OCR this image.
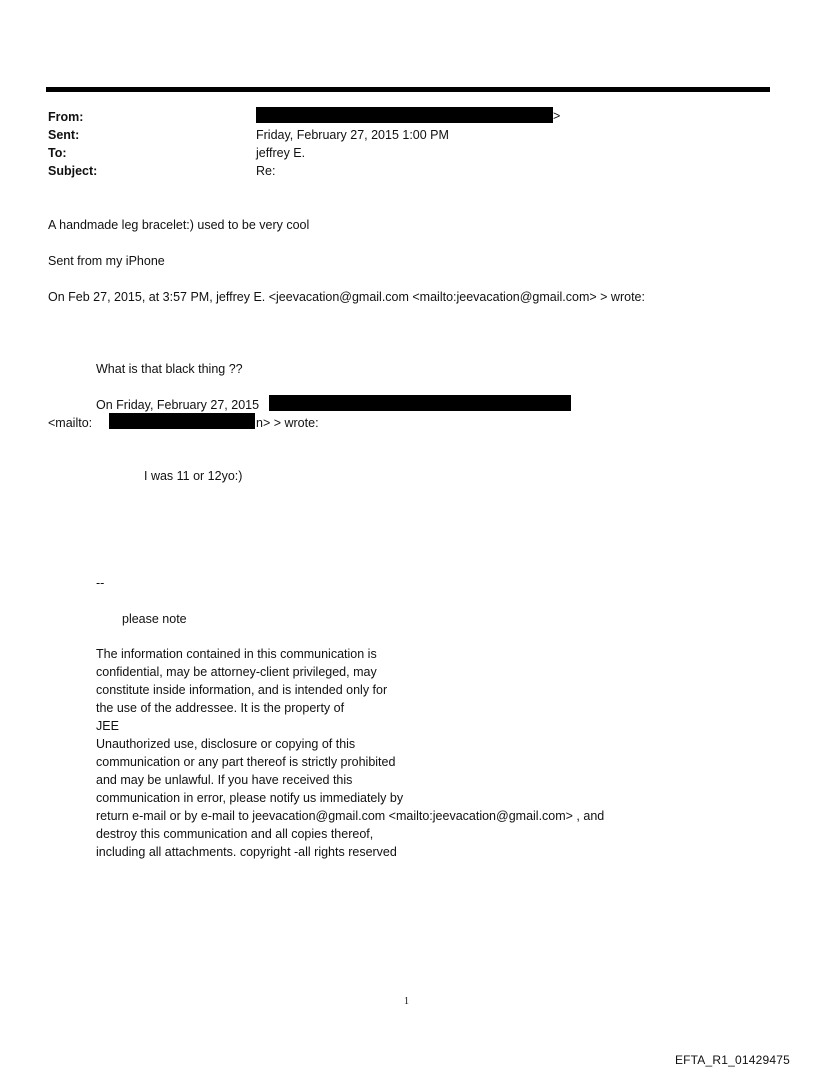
From:	>
Sent:	Friday, February 27, 2015 1:00 PM
To:	jeffrey E.
Subject:	Re:
A handmade leg bracelet:) used to be very cool
Sent from my iPhone
On Feb 27, 2015, at 3:57 PM, jeffrey E. <jeevacation@gmail.com <mailto:jeevacation@gmail.com> > wrote:
What is that black thing ??
On Friday, February 27, 2015
<mailto:	n> > wrote:
I was 11 or 12yo:)
--
please note
The information contained in this communication is
confidential, may be attorney-client privileged, may
constitute inside information, and is intended only for
the use of the addressee. It is the property of
JEE
Unauthorized use, disclosure or copying of this
communication or any part thereof is strictly prohibited
and may be unlawful. If you have received this
communication in error, please notify us immediately by
return e-mail or by e-mail to jeevacation@gmail.com <mailto:jeevacation@gmail.com> , and
destroy this communication and all copies thereof,
including all attachments. copyright -all rights reserved
1
EFTA_R1_01429475
